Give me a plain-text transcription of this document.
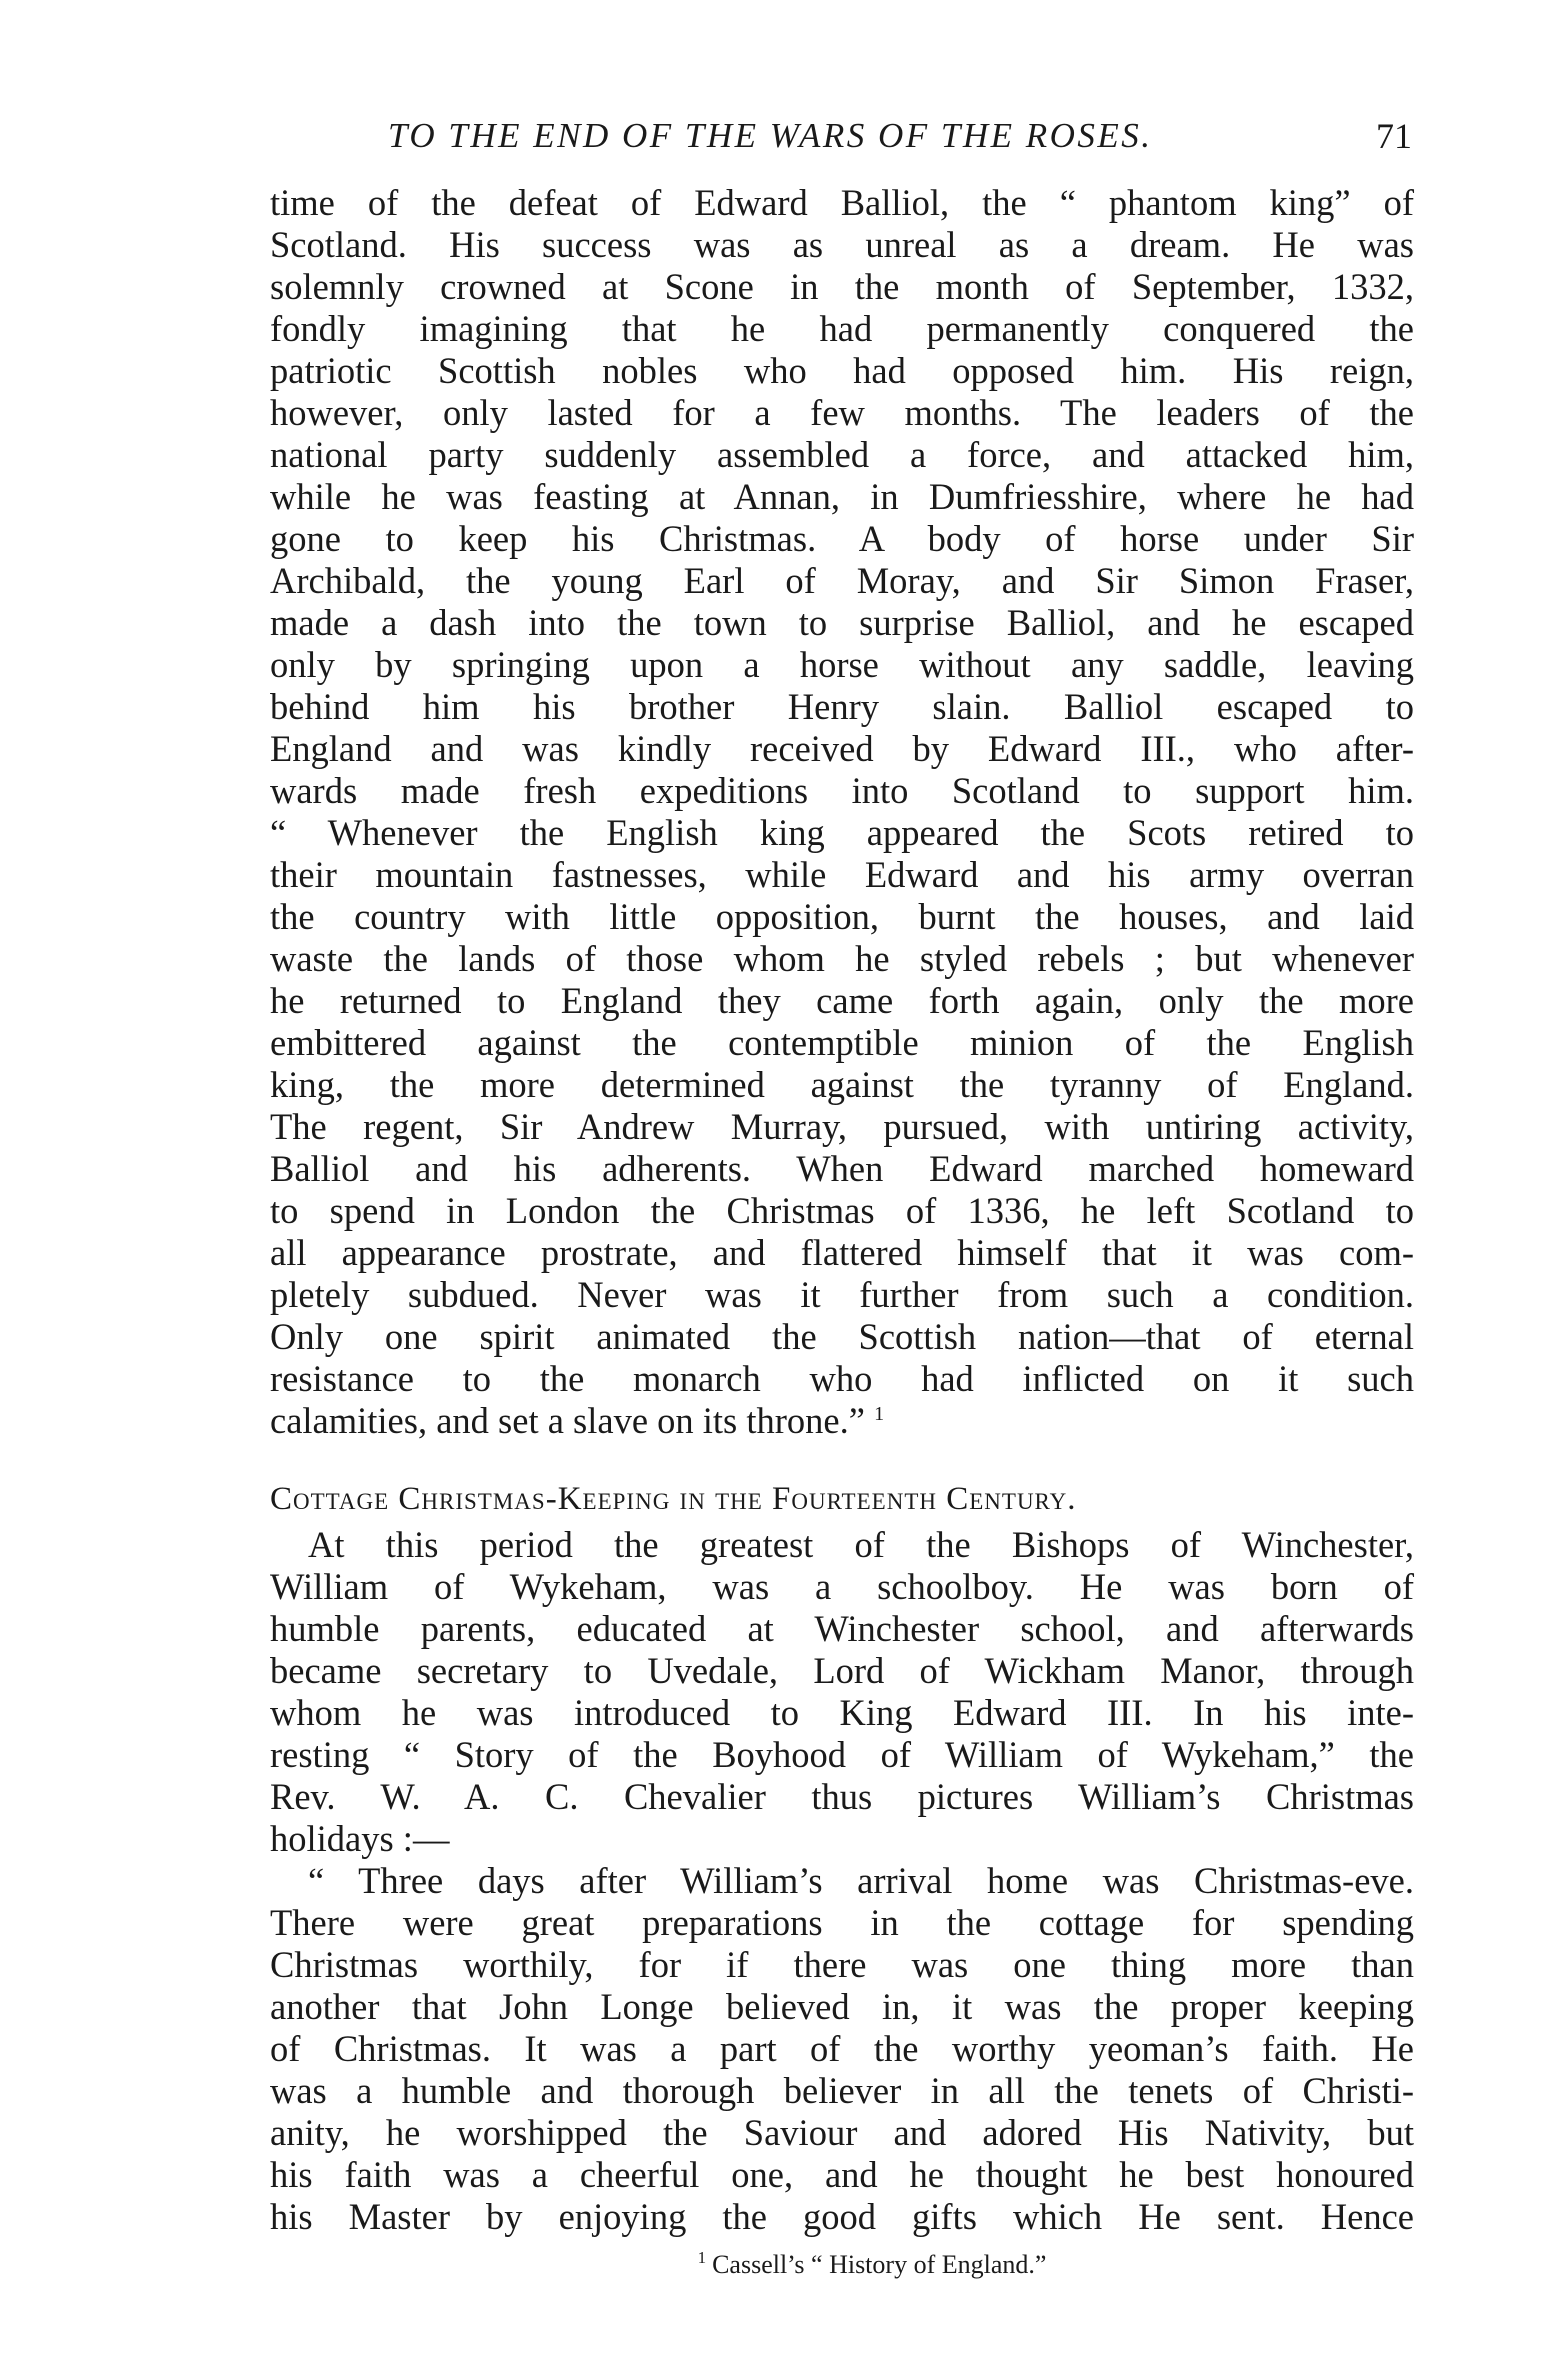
TO THE END OF THE WARS OF THE ROSES.	71
time of the defeat of Edward Balliol, the “ phantom king” of
Scotland. His success was as unreal as a dream. He was
solemnly crowned at Scone in the month of September, 1332,
fondly imagining that he had permanently conquered the
patriotic Scottish nobles who had opposed him. His reign,
however, only lasted for a few months. The leaders of the
national party suddenly assembled a force, and attacked him,
while he was feasting at Annan, in Dumfriesshire, where he had
gone to keep his Christmas. A body of horse under Sir
Archibald, the young Earl of Moray, and Sir Simon Fraser,
made a dash into the town to surprise Balliol, and he escaped
only by springing upon a horse without any saddle, leaving
behind him his brother Henry slain. Balliol escaped to
England and was kindly received by Edward III., who after-
wards made fresh expeditions into Scotland to support him.
“ Whenever the English king appeared the Scots retired to
their mountain fastnesses, while Edward and his army overran
the country with little opposition, burnt the houses, and laid
waste the lands of those whom he styled rebels ; but whenever
he returned to England they came forth again, only the more
embittered against the contemptible minion of the English
king, the more determined against the tyranny of England.
The regent, Sir Andrew Murray, pursued, with untiring activity,
Balliol and his adherents. When Edward marched homeward
to spend in London the Christmas of 1336, he left Scotland to
all appearance prostrate, and flattered himself that it was com-
pletely subdued. Never was it further from such a condition.
Only one spirit animated the Scottish nation—that of eternal
resistance to the monarch who had inflicted on it such
calamities, and set a slave on its throne.” $^1$
Cottage Christmas-Keeping in the Fourteenth Century.
At this period the greatest of the Bishops of Winchester,
William of Wykeham, was a schoolboy. He was born of
humble parents, educated at Winchester school, and afterwards
became secretary to Uvedale, Lord of Wickham Manor, through
whom he was introduced to King Edward III. In his inte-
resting “ Story of the Boyhood of William of Wykeham,” the
Rev. W. A. C. Chevalier thus pictures William’s Christmas
holidays :—
“ Three days after William’s arrival home was Christmas-eve.
There were great preparations in the cottage for spending
Christmas worthily, for if there was one thing more than
another that John Longe believed in, it was the proper keeping
of Christmas. It was a part of the worthy yeoman’s faith. He
was a humble and thorough believer in all the tenets of Christi-
anity, he worshipped the Saviour and adored His Nativity, but
his faith was a cheerful one, and he thought he best honoured
his Master by enjoying the good gifts which He sent. Hence
$^1$ Cassell’s “ History of England.”
